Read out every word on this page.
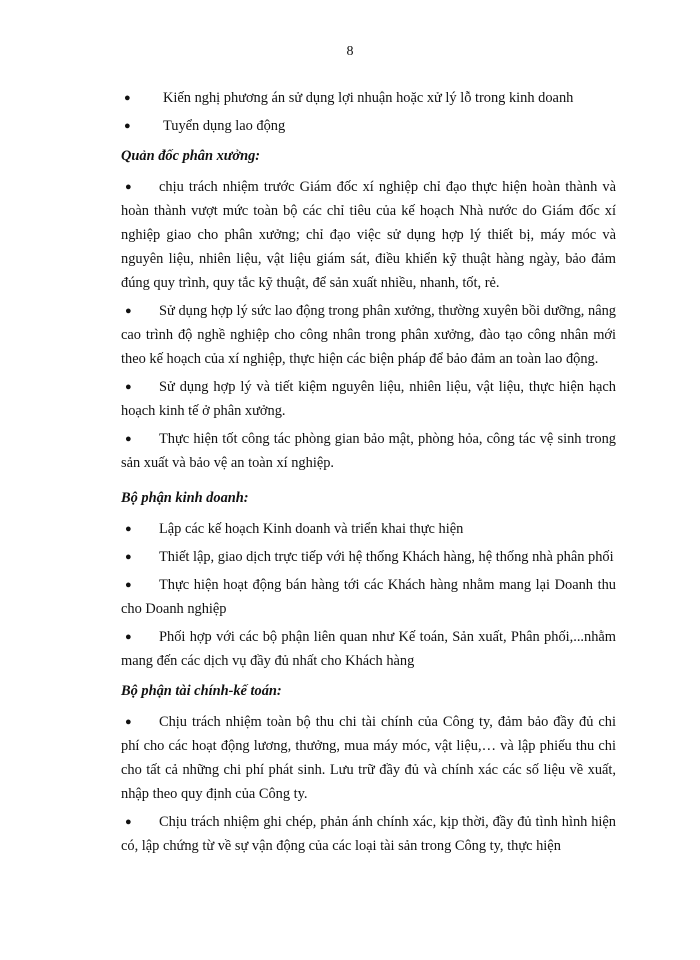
8
● Kiến nghị phương án sử dụng lợi nhuận hoặc xử lý lỗ trong kinh doanh
● Tuyển dụng lao động
Quản đốc phân xưởng:
● chịu trách nhiệm trước Giám đốc xí nghiệp chỉ đạo thực hiện hoàn thành và hoàn thành vượt mức toàn bộ các chỉ tiêu của kế hoạch Nhà nước do Giám đốc xí nghiệp giao cho phân xưởng; chỉ đạo việc sử dụng hợp lý thiết bị, máy móc và nguyên liệu, nhiên liệu, vật liệu giám sát, điều khiển kỹ thuật hàng ngày, bảo đảm đúng quy trình, quy tắc kỹ thuật, để sản xuất nhiều, nhanh, tốt, rẻ.
● Sử dụng hợp lý sức lao động trong phân xưởng, thường xuyên bồi dưỡng, nâng cao trình độ nghề nghiệp cho công nhân trong phân xưởng, đào tạo công nhân mới theo kế hoạch của xí nghiệp, thực hiện các biện pháp để bảo đảm an toàn lao động.
● Sử dụng hợp lý và tiết kiệm nguyên liệu, nhiên liệu, vật liệu, thực hiện hạch hoạch kinh tế ở phân xưởng.
● Thực hiện tốt công tác phòng gian bảo mật, phòng hỏa, công tác vệ sinh trong sản xuất và bảo vệ an toàn xí nghiệp.
Bộ phận kinh doanh:
● Lập các kế hoạch Kinh doanh và triển khai thực hiện
● Thiết lập, giao dịch trực tiếp với hệ thống Khách hàng, hệ thống nhà phân phối
● Thực hiện hoạt động bán hàng tới các Khách hàng nhằm mang lại Doanh thu cho Doanh nghiệp
● Phối hợp với các bộ phận liên quan như Kế toán, Sản xuất, Phân phối,...nhằm mang đến các dịch vụ đầy đủ nhất cho Khách hàng
Bộ phận tài chính-kế toán:
● Chịu trách nhiệm toàn bộ thu chi tài chính của Công ty, đảm bảo đầy đủ chi phí cho các hoạt động lương, thưởng, mua máy móc, vật liệu,… và lập phiếu thu chi cho tất cả những chi phí phát sinh. Lưu trữ đầy đủ và chính xác các số liệu về xuất, nhập theo quy định của Công ty.
● Chịu trách nhiệm ghi chép, phản ánh chính xác, kịp thời, đầy đủ tình hình hiện có, lập chứng từ về sự vận động của các loại tài sản trong Công ty, thực hiện
